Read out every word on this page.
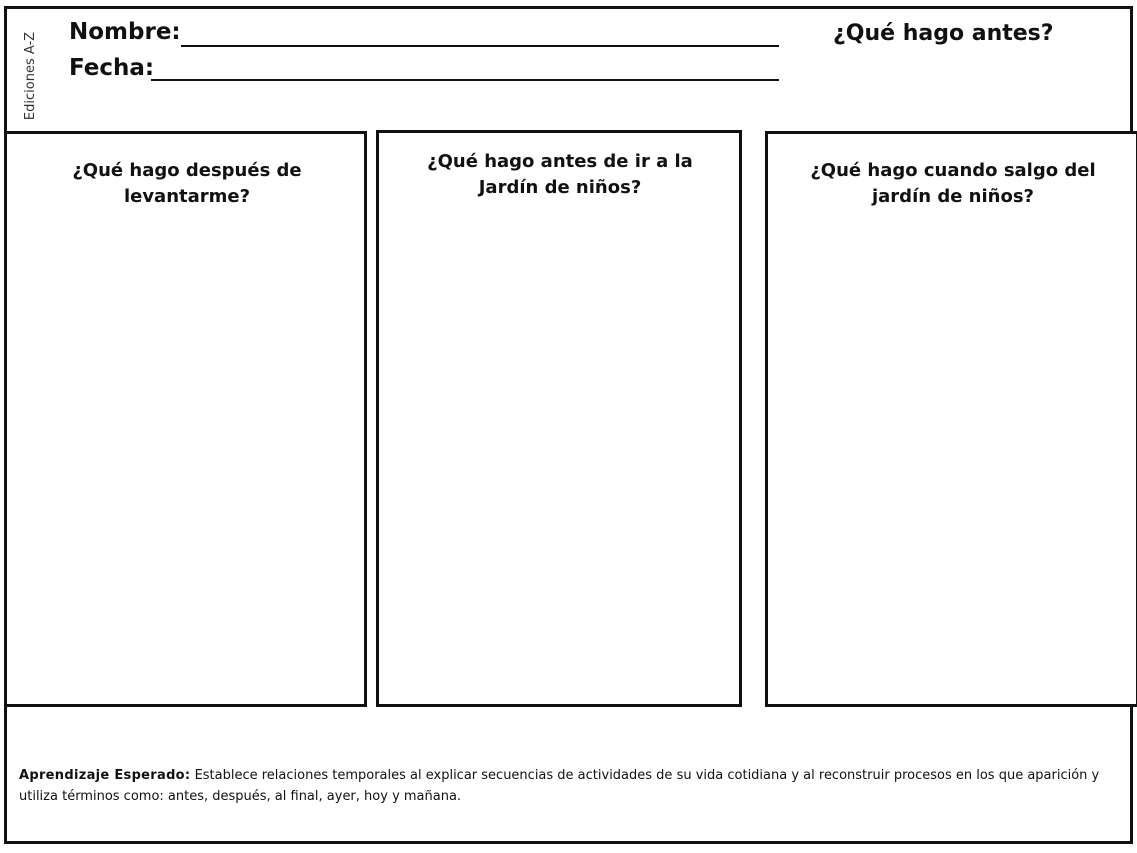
Ediciones A-Z Nombre:
Fecha:
¿Qué hago antes?
¿Qué hago después de levantarme?
¿Qué hago antes de ir a la Jardín de niños?
¿Qué hago cuando salgo del jardín de niños?
Aprendizaje Esperado: Establece relaciones temporales al explicar secuencias de actividades de su vida cotidiana y al reconstruir procesos en los que aparición y utiliza términos como: antes, después, al final, ayer, hoy y mañana.
